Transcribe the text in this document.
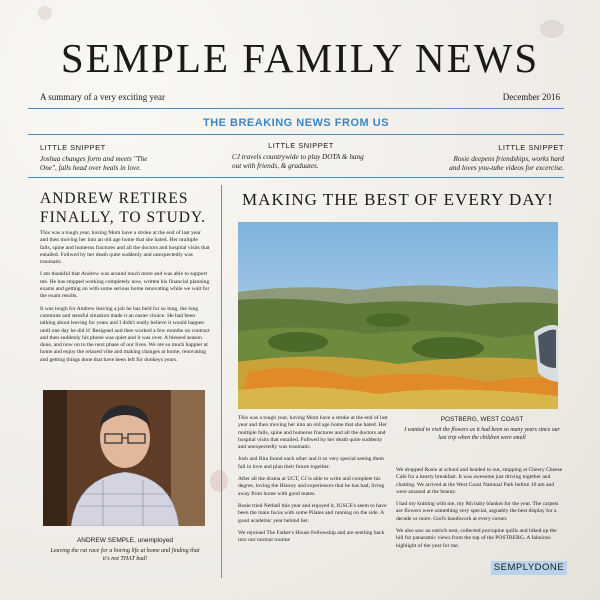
SEMPLE FAMILY NEWS
A summary of a very exciting year	December 2016
THE BREAKING NEWS FROM US
LITTLE SNIPPET
Joshua changes form and meets "The One", falls head over heals in love.
LITTLE SNIPPET
CJ travels countrywide to play DOTA & hang out with friends, & graduates.
LITTLE SNIPPET
Rosie deepens friendships, works hard and loves you-tube videos for excercise.
ANDREW RETIRES FINALLY, TO STUDY.

This was a tough year, having Mom have a stroke at the end of last year and then moving her into an old age home that she hated. Her multiple falls, spine and humerus fractures and all the doctors and hospital visits that entailed. Follwed by her death quite suddenly and unexpectedly was traumatic.

I am thankful that Andrew was around much more and was able to support me. He has stopped working completely now, written his financial planning exams and getting on with some serious home renovating while we wait for the exam results.

It was tough for Andrew leaving a job he has held for so long, the long commute and stessful situation made it an easier choice. He had been talking about leaving for years and I didn't really believe it would happen until one day he did it! Resigned and then worked a few months on contract and then suddenly his phone was quiet and it was over. A blessed season done, and now on to the next phase of our lives. We are so much happier at home and enjoy the relaxed vibe and making changes at home, renovating and getting things done that have been left for donkeys years.

ANDREW SEMPLE, unemployed
Leaving the rat race for a boring life at home and finding that it's not THAT bad!
MAKING THE BEST OF EVERY DAY!

This was a tough year, having Mom have a stroke at the end of last year and then moving her into an old age home that she hated. Her multiple falls, spine and humerus fractures and all the doctors and hospital visits that entailed. Follwed by her death quite suddenly and unexpectedly was traumatic.

Josh and Rita found each other and it so very special seeing them fall in love and plan their future together.

After all the drama at UCT, CJ is able to write and complete his degree, loving the History and experiences that he has had, living away from home with good mates.

Rosie tried Netball this year and enjoyed it, IGSCE's seem to have been the main focus with some Pilates and running on the side. A good academic year behind her.

We rejoined The Father's House Fellowship and are seetling back into our normal routine

POSTBERG, WEST COAST
I wanted to visit the flowers as it had been so many years since our last trip when the children were small

We dropped Rosie at school and headed to out, stopping at Cheery Cheese Cafe for a hearty breakfast. It was awesome just driving together and chatting. We arrived at the West Coast National Park before 10 am and were amazed at the beauty.

I had my knitting with me, my 8th baby blanket for the year. The carpets are flowers were something very special, arguably the best display for a decade or more. God's handiwork at every corner.

We also saw an ostrich nest, collected porcupine quills and hiked up the hill for panaramic views from the top of the POSTBERG. A fabulous highlight of the year for me.

SEMPLYDONE
